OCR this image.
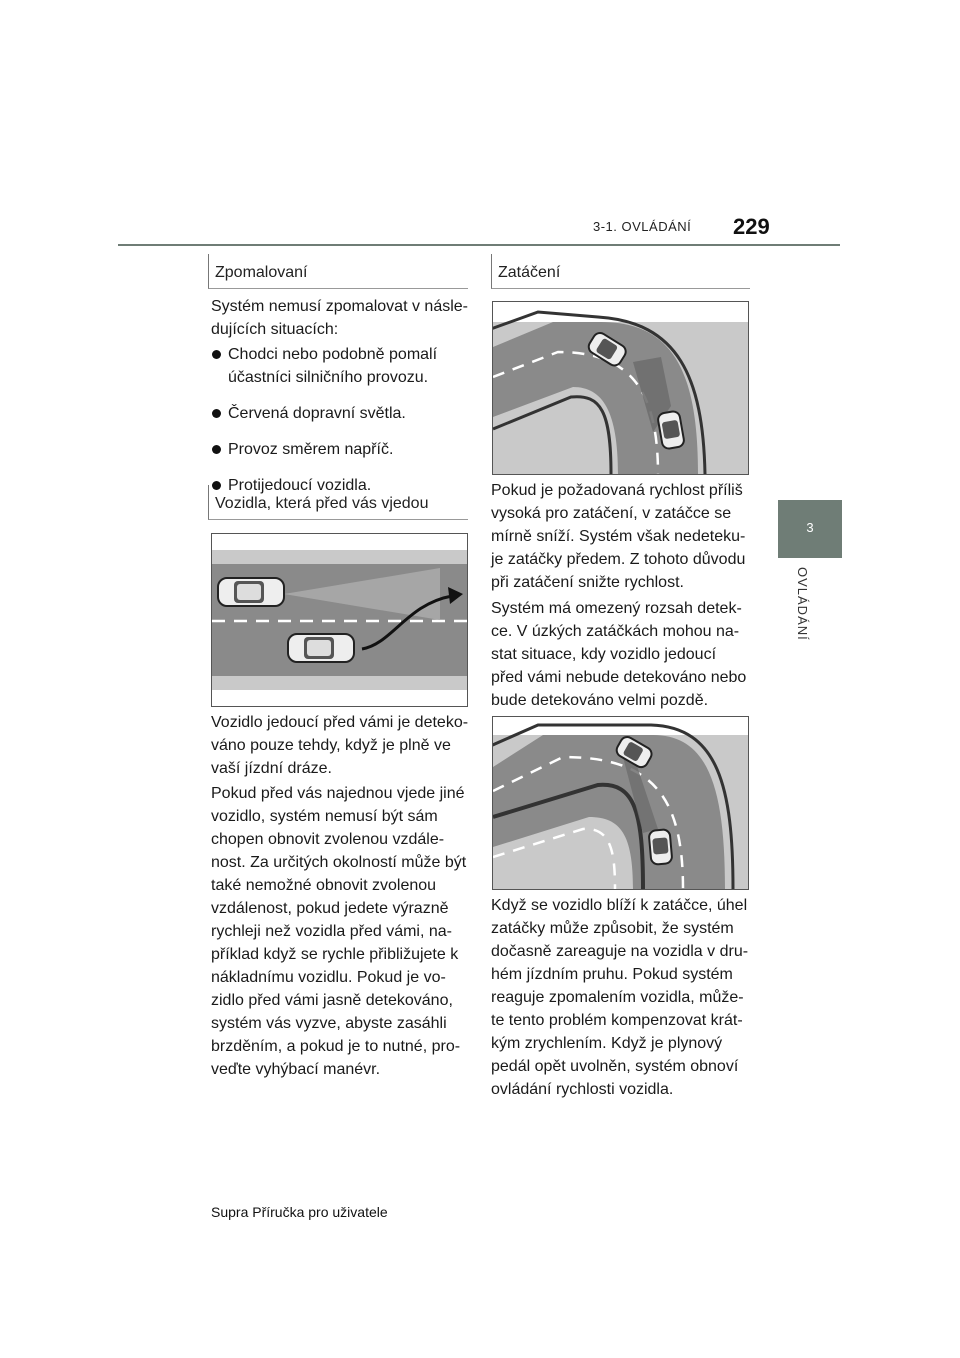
3-1. OVLÁDÁNÍ 229
3
OVLÁDÁNÍ
Zpomalovaní

Systém nemusí zpomalovat v násle-dujících situacích:

Chodci nebo podobně pomalí účastníci silničního provozu.
Červená dopravní světla.
Provoz směrem napříč.
Protijedoucí vozidla.
Vozidla, která před vás vjedou

Vozidlo jedoucí před vámi je deteko-váno pouze tehdy, když je plně ve vaší jízdní dráze.

Pokud před vás najednou vjede jiné vozidlo, systém nemusí být sám chopen obnovit zvolenou vzdále-nost. Za určitých okolností může být také nemožné obnovit zvolenou vzdálenost, pokud jedete výrazně rychleji než vozidla před vámi, na-příklad když se rychle přibližujete k nákladnímu vozidlu. Pokud je vo-zidlo před vámi jasně detekováno, systém vás vyzve, abyste zasáhli brzděním, a pokud je to nutné, pro-veďte vyhýbací manévr.

Zatáčení

Pokud je požadovaná rychlost příliš vysoká pro zatáčení, v zatáčce se mírně sníží. Systém však nedeteku-je zatáčky předem. Z tohoto důvodu při zatáčení snižte rychlost.

Systém má omezený rozsah detek-ce. V úzkých zatáčkách mohou na-stat situace, kdy vozidlo jedoucí před vámi nebude detekováno nebo bude detekováno velmi pozdě.

Když se vozidlo blíží k zatáčce, úhel zatáčky může způsobit, že systém dočasně zareaguje na vozidla v dru-hém jízdním pruhu. Pokud systém reaguje zpomalením vozidla, může-te tento problém kompenzovat krát-kým zrychlením. Když je plynový pedál opět uvolněn, systém obnoví ovládání rychlosti vozidla.

Supra Příručka pro uživatele
